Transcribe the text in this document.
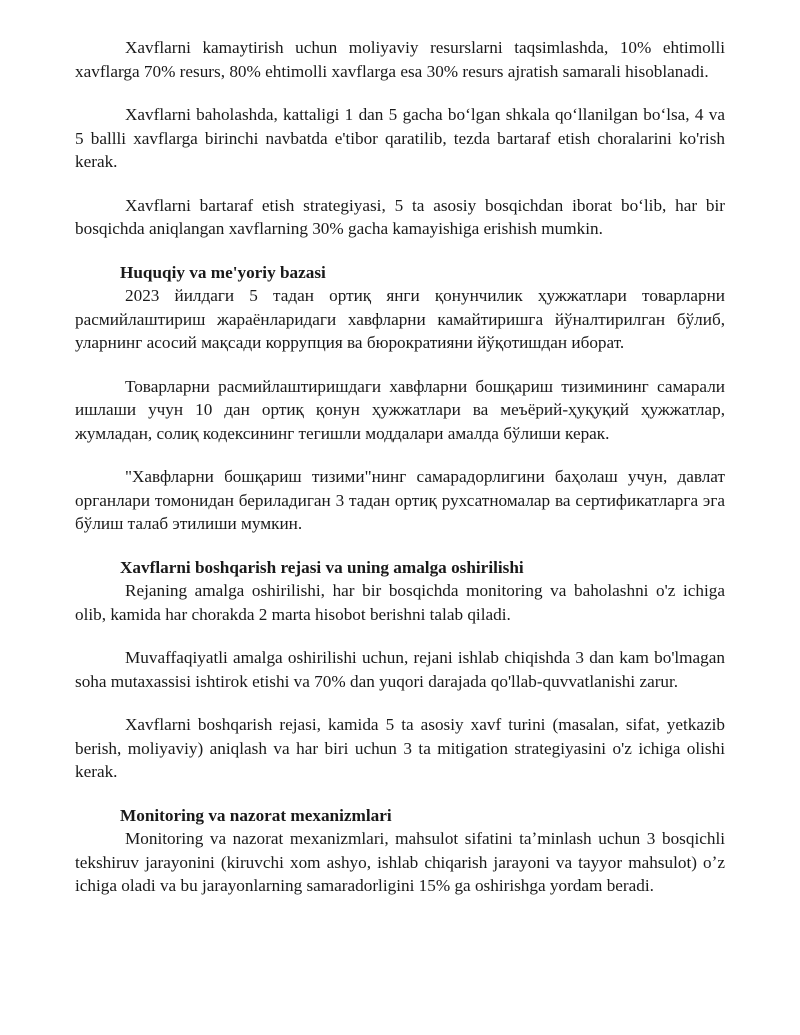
Xavflarni kamaytirish uchun moliyaviy resurslarni taqsimlashda, 10% ehtimolli xavflarga 70% resurs, 80% ehtimolli xavflarga esa 30% resurs ajratish samarali hisoblanadi.

Xavflarni baholashda, kattaligi 1 dan 5 gacha boʻlgan shkala qoʻllanilgan boʻlsa, 4 va 5 ballli xavflarga birinchi navbatda e'tibor qaratilib, tezda bartaraf etish choralarini ko'rish kerak.

Xavflarni bartaraf etish strategiyasi, 5 ta asosiy bosqichdan iborat boʻlib, har bir bosqichda aniqlangan xavflarning 30% gacha kamayishiga erishish mumkin.

Huquqiy va me'yoriy bazasi

2023 йилдаги 5 тадан ортиқ янги қонунчилик ҳужжатлари товарларни расмийлаштириш жараёнларидаги хавфларни камайтиришга йўналтирилган бўлиб, уларнинг асосий мақсади коррупция ва бюрократияни йўқотишдан иборат.

Товарларни расмийлаштиришдаги хавфларни бошқариш тизимининг самарали ишлаши учун 10 дан ортиқ қонун ҳужжатлари ва меъёрий-ҳуқуқий ҳужжатлар, жумладан, солиқ кодексининг тегишли моддалари амалда бўлиши керак.

"Хавфларни бошқариш тизими"нинг самарадорлигини баҳолаш учун, давлат органлари томонидан бериладиган 3 тадан ортиқ рухсатномалар ва сертификатларга эга бўлиш талаб этилиши мумкин.

Xavflarni boshqarish rejasi va uning amalga oshirilishi

Rejaning amalga oshirilishi, har bir bosqichda monitoring va baholashni o'z ichiga olib, kamida har chorakda 2 marta hisobot berishni talab qiladi.

Muvaffaqiyatli amalga oshirilishi uchun, rejani ishlab chiqishda 3 dan kam bo'lmagan soha mutaxassisi ishtirok etishi va 70% dan yuqori darajada qo'llab-quvvatlanishi zarur.

Xavflarni boshqarish rejasi, kamida 5 ta asosiy xavf turini (masalan, sifat, yetkazib berish, moliyaviy) aniqlash va har biri uchun 3 ta mitigation strategiyasini o'z ichiga olishi kerak.

Monitoring va nazorat mexanizmlari

Monitoring va nazorat mexanizmlari, mahsulot sifatini taʼminlash uchun 3 bosqichli tekshiruv jarayonini (kiruvchi xom ashyo, ishlab chiqarish jarayoni va tayyor mahsulot) oʼz ichiga oladi va bu jarayonlarning samaradorligini 15% ga oshirishga yordam beradi.
